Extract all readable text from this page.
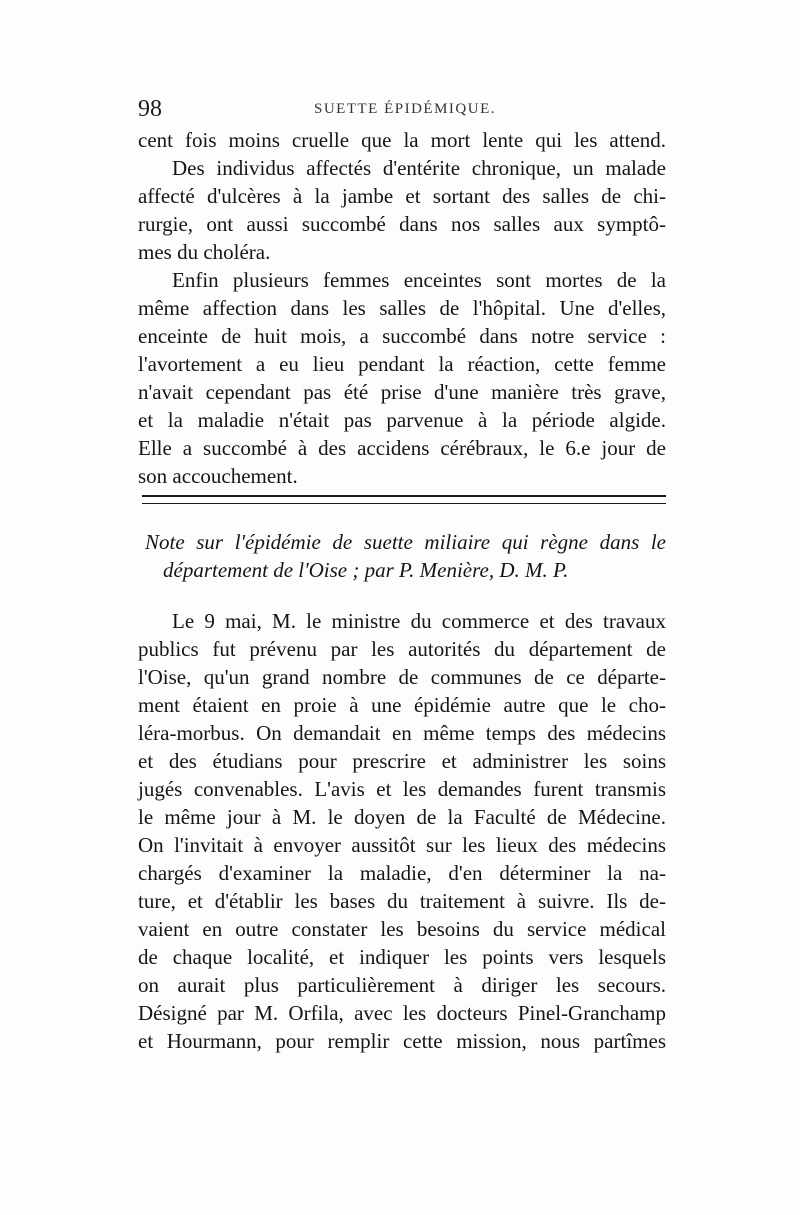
98	SUETTE ÉPIDÉMIQUE.
cent fois moins cruelle que la mort lente qui les attend.
Des individus affectés d'entérite chronique, un malade
affecté d'ulcères à la jambe et sortant des salles de chi-
rurgie, ont aussi succombé dans nos salles aux symptô-
mes du choléra.
Enfin plusieurs femmes enceintes sont mortes de la
même affection dans les salles de l'hôpital. Une d'elles,
enceinte de huit mois, a succombé dans notre service :
l'avortement a eu lieu pendant la réaction, cette femme
n'avait cependant pas été prise d'une manière très grave,
et la maladie n'était pas parvenue à la période algide.
Elle a succombé à des accidens cérébraux, le 6.e jour de
son accouchement.
Note sur l'épidémie de suette miliaire qui règne dans le
département de l'Oise ; par P. Menière, D. M. P.
Le 9 mai, M. le ministre du commerce et des travaux
publics fut prévenu par les autorités du département de
l'Oise, qu'un grand nombre de communes de ce départe-
ment étaient en proie à une épidémie autre que le cho-
léra-morbus. On demandait en même temps des médecins
et des étudians pour prescrire et administrer les soins
jugés convenables. L'avis et les demandes furent transmis
le même jour à M. le doyen de la Faculté de Médecine.
On l'invitait à envoyer aussitôt sur les lieux des médecins
chargés d'examiner la maladie, d'en déterminer la na-
ture, et d'établir les bases du traitement à suivre. Ils de-
vaient en outre constater les besoins du service médical
de chaque localité, et indiquer les points vers lesquels
on aurait plus particulièrement à diriger les secours.
Désigné par M. Orfila, avec les docteurs Pinel-Granchamp
et Hourmann, pour remplir cette mission, nous partîmes
